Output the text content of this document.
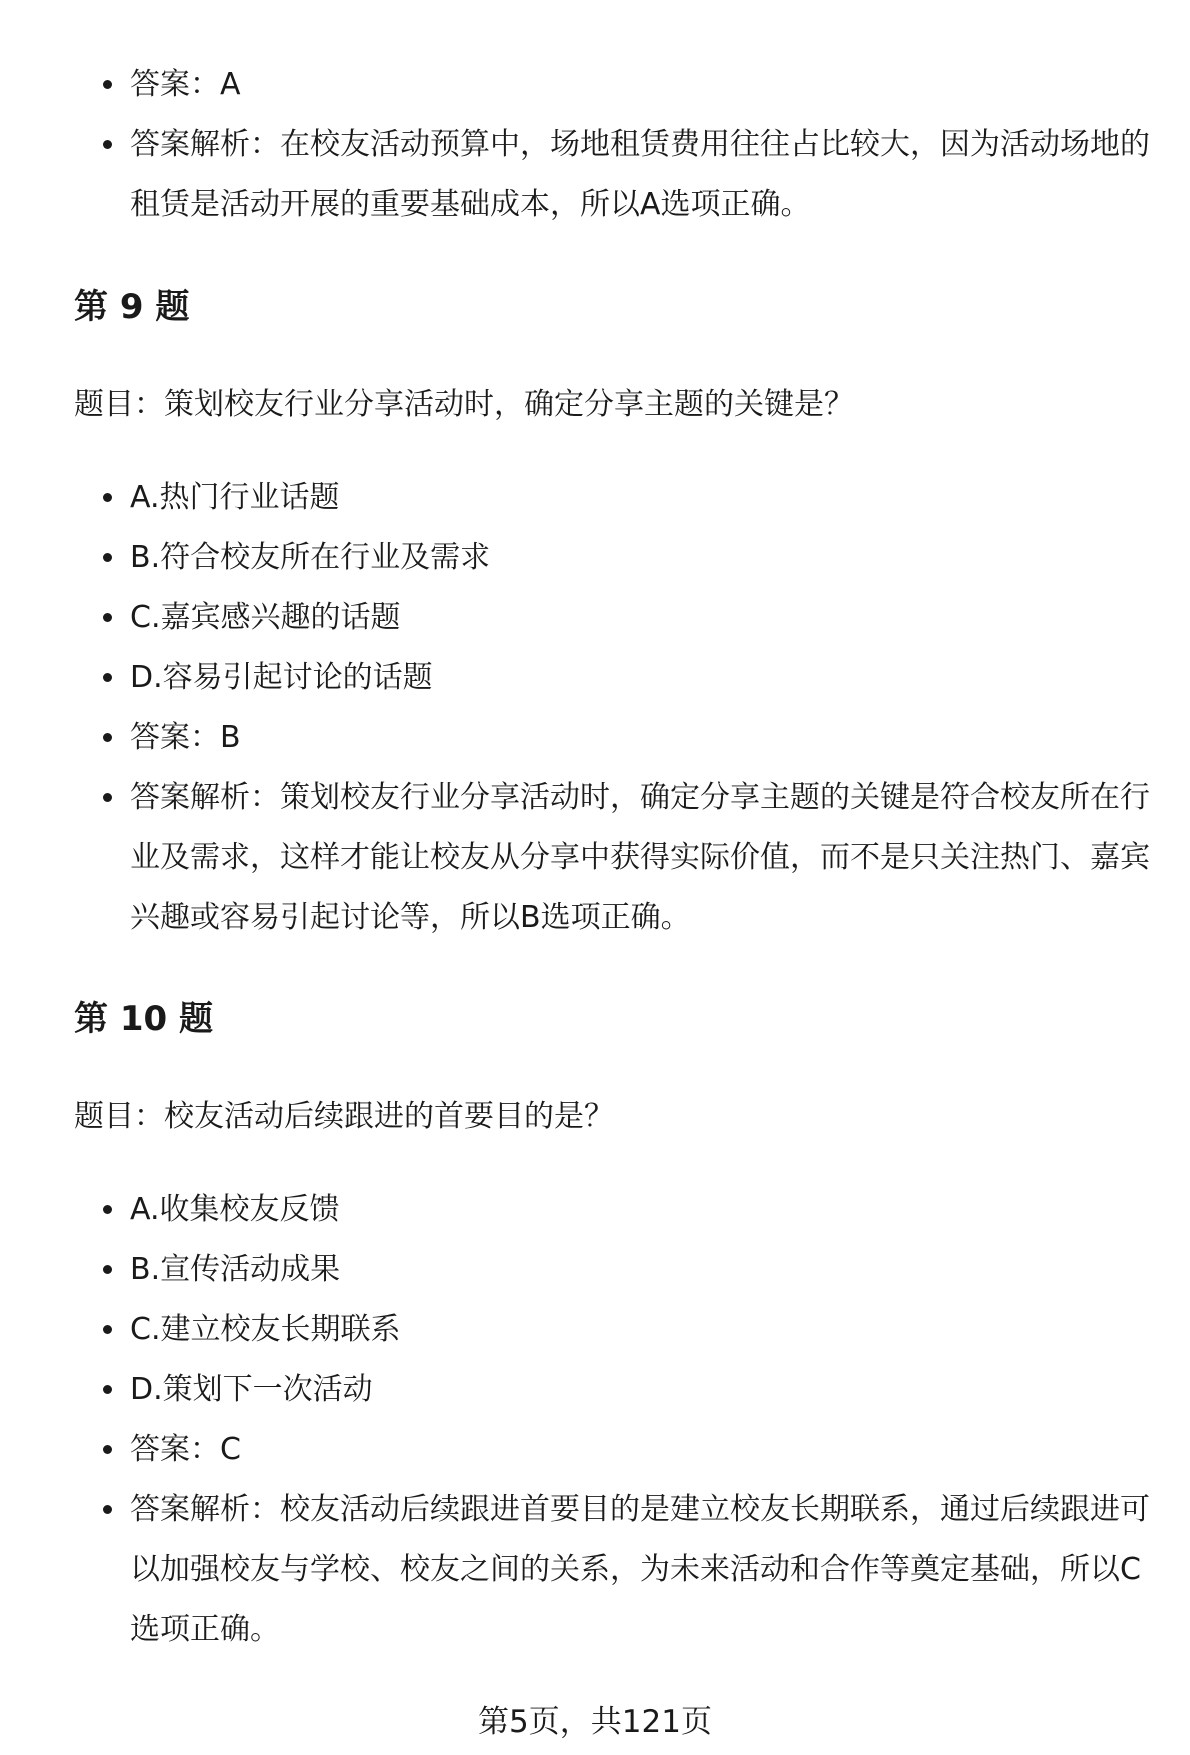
答案：A
答案解析：在校友活动预算中，场地租赁费用往往占比较大，因为活动场地的租赁是活动开展的重要基础成本，所以A选项正确。
第 9 题

题目：策划校友行业分享活动时，确定分享主题的关键是？

A.热门行业话题
B.符合校友所在行业及需求
C.嘉宾感兴趣的话题
D.容易引起讨论的话题
答案：B
答案解析：策划校友行业分享活动时，确定分享主题的关键是符合校友所在行业及需求，这样才能让校友从分享中获得实际价值，而不是只关注热门、嘉宾兴趣或容易引起讨论等，所以B选项正确。
第 10 题

题目：校友活动后续跟进的首要目的是？

A.收集校友反馈
B.宣传活动成果
C.建立校友长期联系
D.策划下一次活动
答案：C
答案解析：校友活动后续跟进首要目的是建立校友长期联系，通过后续跟进可以加强校友与学校、校友之间的关系，为未来活动和合作等奠定基础，所以C选项正确。
第5页，共121页
